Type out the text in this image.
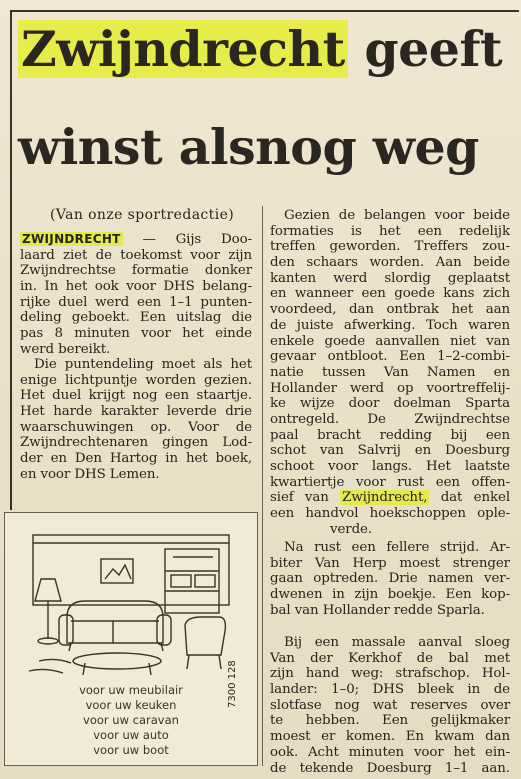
Zwijndrecht geeft
winst alsnog weg
(Van onze sportredactie)
ZWIJNDRECHT — Gijs Doo-
laard ziet de toekomst voor zijn
Zwijndrechtse formatie donker
in. In het ook voor DHS belang-
rijke duel werd een 1–1 punten-
deling geboekt. Een uitslag die
pas 8 minuten voor het einde
werd bereikt.
Die puntendeling moet als het
enige lichtpuntje worden gezien.
Het duel krijgt nog een staartje.
Het harde karakter leverde drie
waarschuwingen op. Voor de
Zwijndrechtenaren gingen Lod-
der en Den Hartog in het boek,
en voor DHS Lemen.
Gezien de belangen voor beide
formaties is het een redelijk
treffen geworden. Treffers zou-
den schaars worden. Aan beide
kanten werd slordig geplaatst
en wanneer een goede kans zich
voordeed, dan ontbrak het aan
de juiste afwerking. Toch waren
enkele goede aanvallen niet van
gevaar ontbloot. Een 1–2-combi-
natie tussen Van Namen en
Hollander werd op voortreffelij-
ke wijze door doelman Sparta
ontregeld. De Zwijndrechtse
paal bracht redding bij een
schot van Salvrij en Doesburg
schoot voor langs. Het laatste
kwartiertje voor rust een offen-
sief van Zwijndrecht, dat enkel
een handvol hoekschoppen ople-
verde.
Na rust een fellere strijd. Ar-
biter Van Herp moest strenger
gaan optreden. Drie namen ver-
dwenen in zijn boekje. Een kop-
bal van Hollander redde Sparla.
Bij een massale aanval sloeg
Van der Kerkhof de bal met
zijn hand weg: strafschop. Hol-
lander: 1–0; DHS bleek in de
slotfase nog wat reserves over
te hebben. Een gelijkmaker
moest er komen. En kwam dan
ook. Acht minuten voor het ein-
de tekende Doesburg 1–1 aan.
voor uw meubilair
voor uw keuken
voor uw caravan
voor uw auto
voor uw boot
7300 128
